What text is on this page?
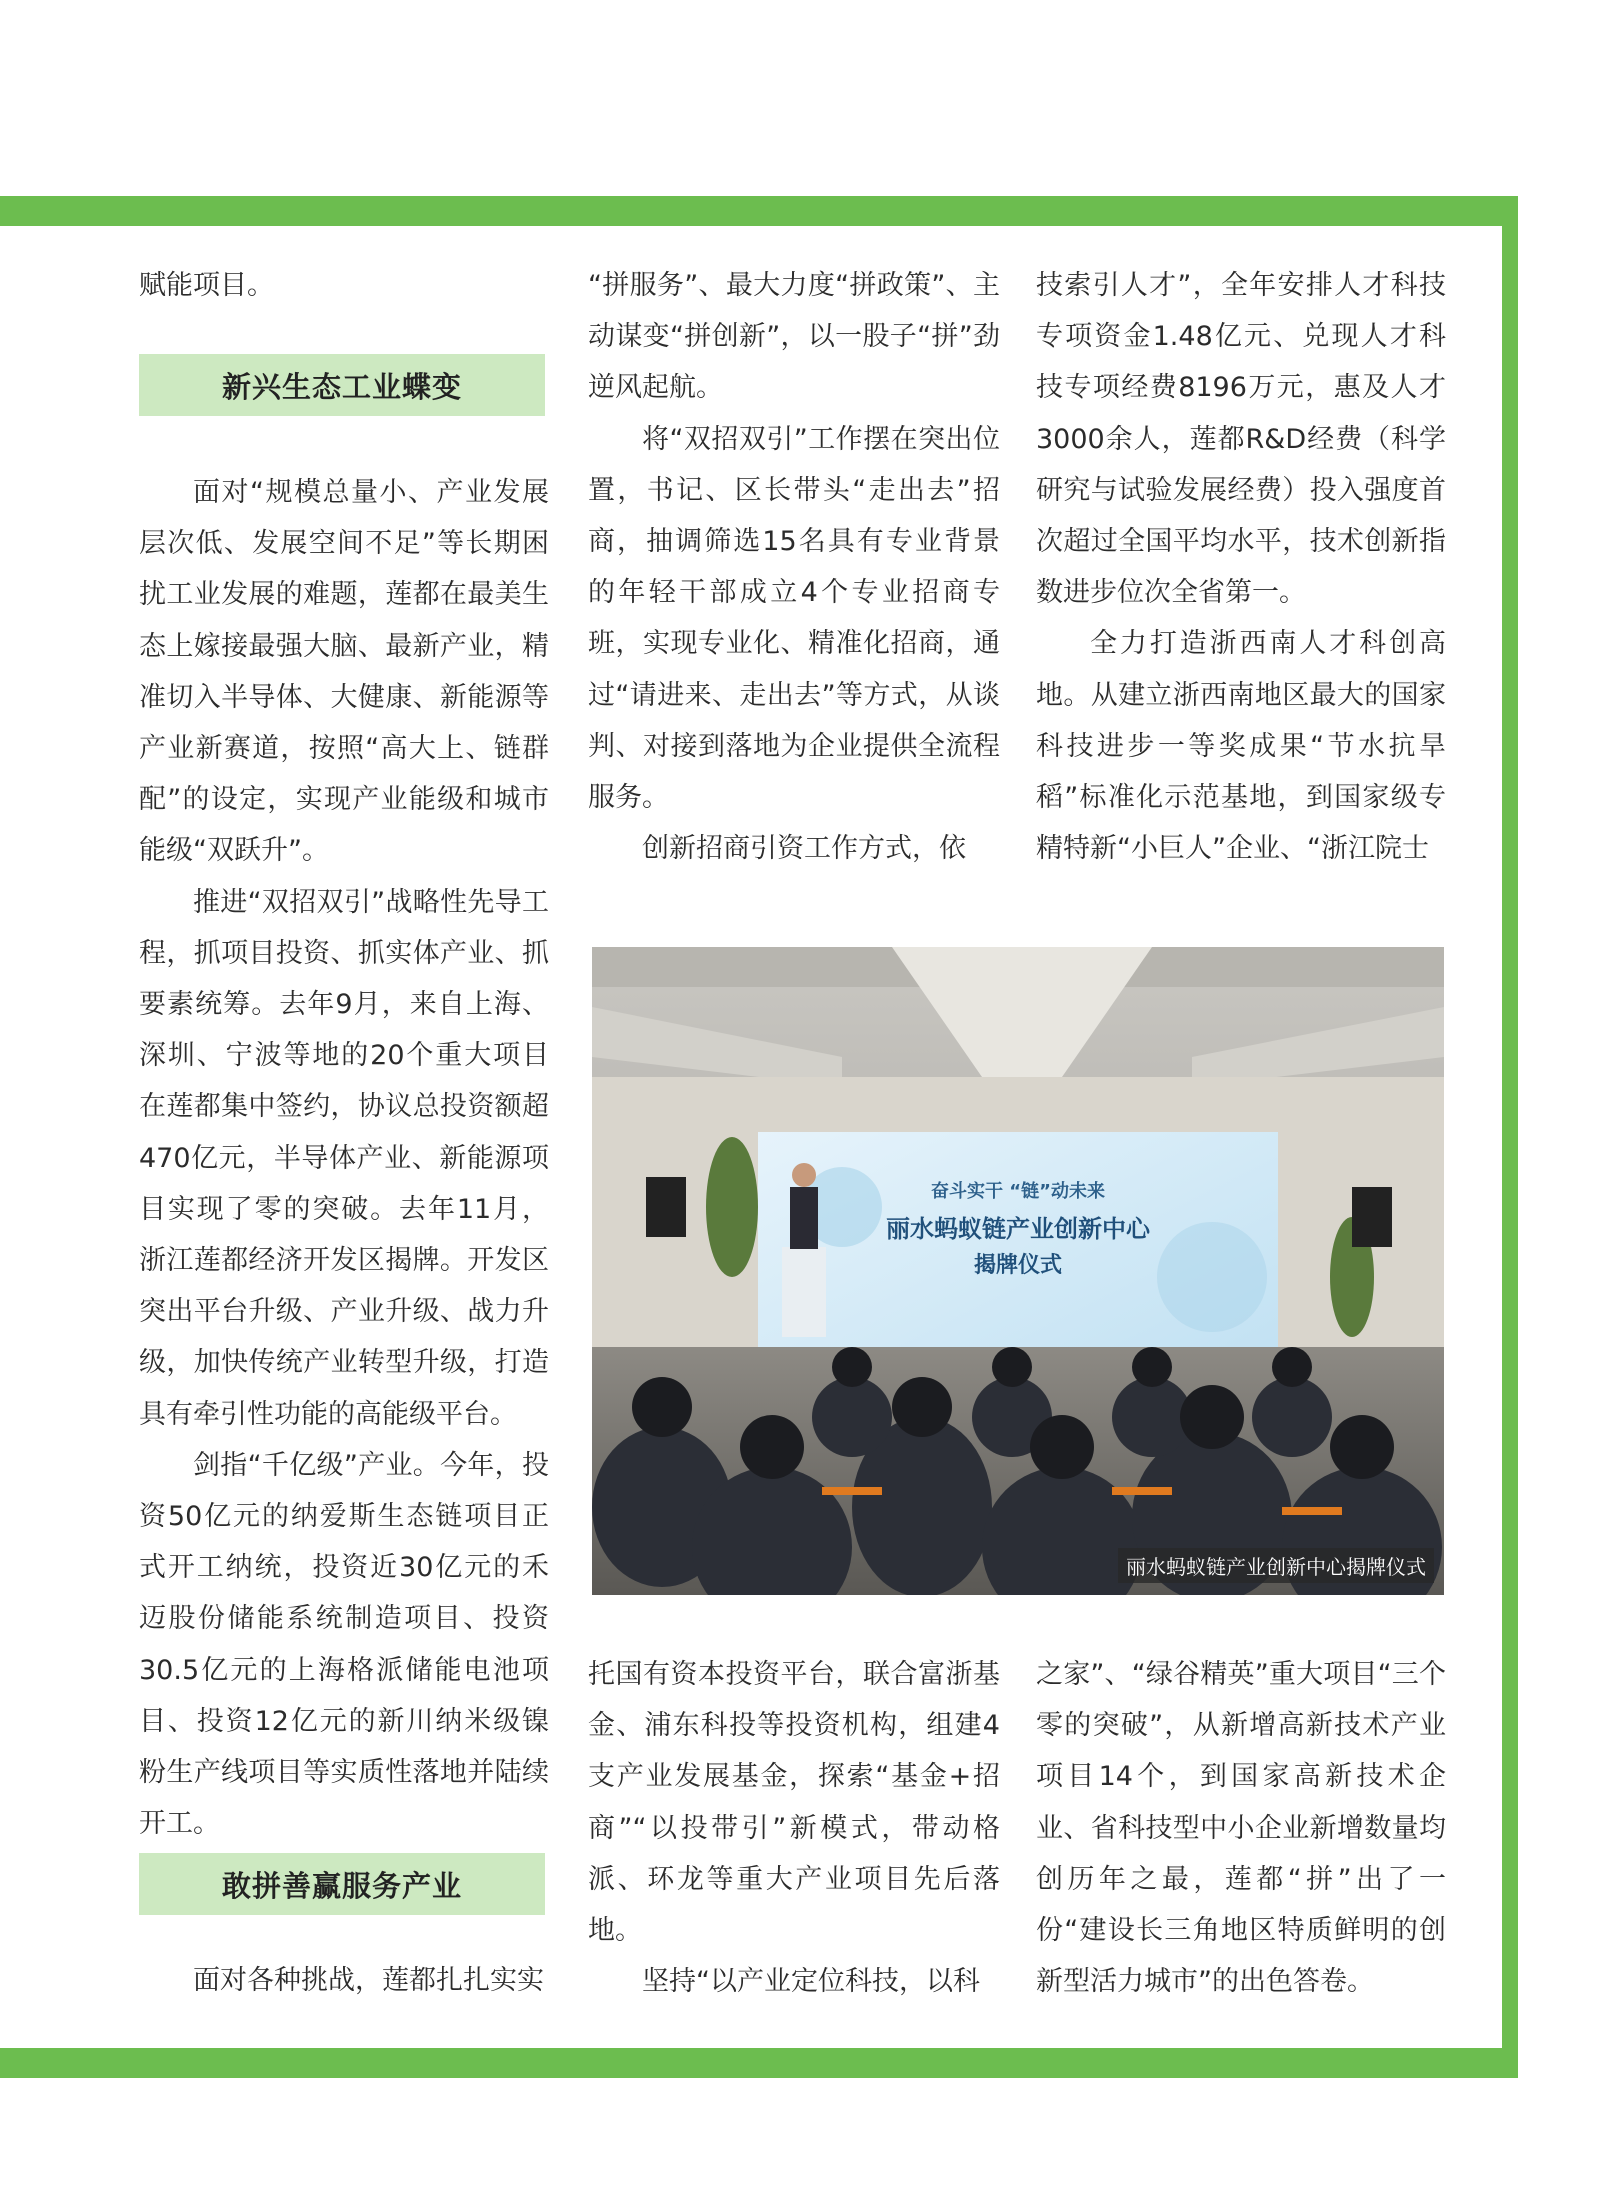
赋能项目。

新兴生态工业蝶变

面对“规模总量小、产业发展层次低、发展空间不足”等长期困扰工业发展的难题，莲都在最美生态上嫁接最强大脑、最新产业，精准切入半导体、大健康、新能源等产业新赛道，按照“高大上、链群配”的设定，实现产业能级和城市能级“双跃升”。

推进“双招双引”战略性先导工程，抓项目投资、抓实体产业、抓要素统筹。去年9月，来自上海、深圳、宁波等地的20个重大项目在莲都集中签约，协议总投资额超470亿元，半导体产业、新能源项目实现了零的突破。去年11月，浙江莲都经济开发区揭牌。开发区突出平台升级、产业升级、战力升级，加快传统产业转型升级，打造具有牵引性功能的高能级平台。

剑指“千亿级”产业。今年，投资50亿元的纳爱斯生态链项目正式开工纳统，投资近30亿元的禾迈股份储能系统制造项目、投资30.5亿元的上海格派储能电池项目、投资12亿元的新川纳米级镍粉生产线项目等实质性落地并陆续开工。

敢拼善赢服务产业

面对各种挑战，莲都扎扎实实

“拼服务”、最大力度“拼政策”、主动谋变“拼创新”，以一股子“拼”劲逆风起航。

将“双招双引”工作摆在突出位置，书记、区长带头“走出去”招商，抽调筛选15名具有专业背景的年轻干部成立4个专业招商专班，实现专业化、精准化招商，通过“请进来、走出去”等方式，从谈判、对接到落地为企业提供全流程服务。

创新招商引资工作方式，依

托国有资本投资平台，联合富浙基金、浦东科投等投资机构，组建4支产业发展基金，探索“基金+招商”“以投带引”新模式，带动格派、环龙等重大产业项目先后落地。

坚持“以产业定位科技，以科

技索引人才”，全年安排人才科技专项资金1.48亿元、兑现人才科技专项经费8196万元，惠及人才3000余人，莲都R&D经费（科学研究与试验发展经费）投入强度首次超过全国平均水平，技术创新指数进步位次全省第一。

全力打造浙西南人才科创高地。从建立浙西南地区最大的国家科技进步一等奖成果“节水抗旱稻”标准化示范基地，到国家级专精特新“小巨人”企业、“浙江院士

之家”、“绿谷精英”重大项目“三个零的突破”，从新增高新技术产业项目14个，到国家高新技术企业、省科技型中小企业新增数量均创历年之最，莲都“拼”出了一份“建设长三角地区特质鲜明的创新型活力城市”的出色答卷。

奋斗实干 “链”动未来
丽水蚂蚁链产业创新中心
揭牌仪式
丽水蚂蚁链产业创新中心揭牌仪式
